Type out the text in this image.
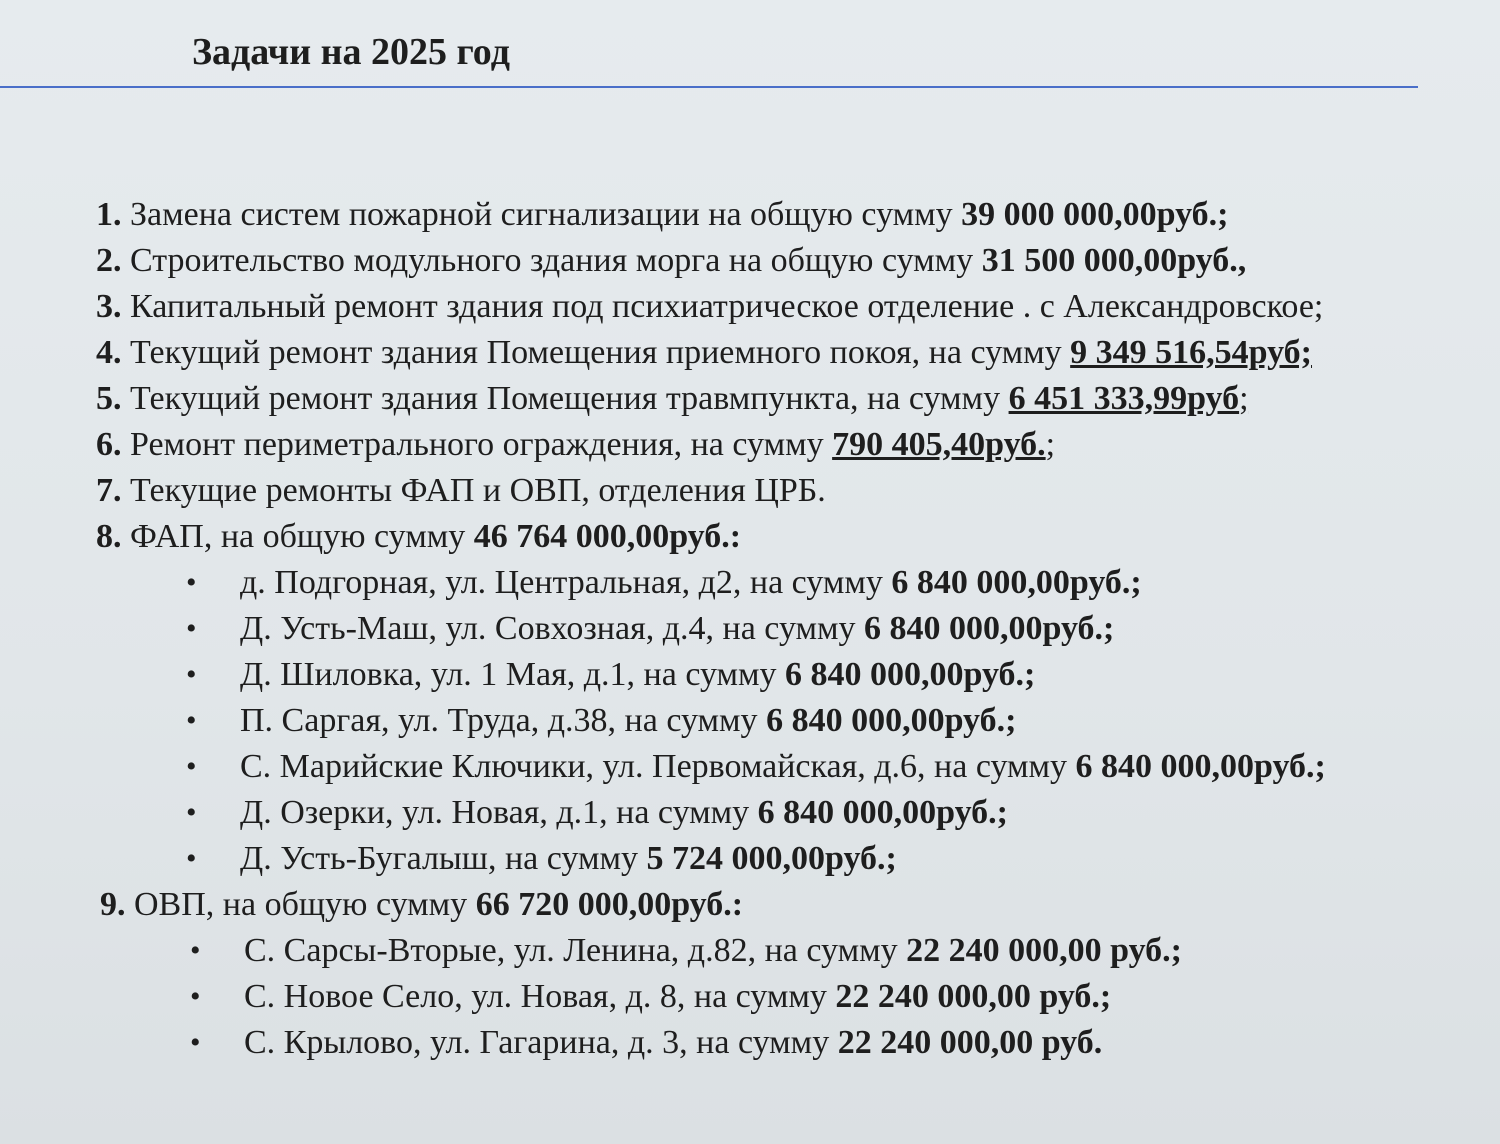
Задачи на 2025 год

1. Замена систем пожарной сигнализации на общую сумму 39 000 000,00руб.;

2. Строительство модульного здания морга на общую сумму 31 500 000,00руб.,

3. Капитальный ремонт здания под психиатрическое отделение . с Александровское;

4. Текущий ремонт здания Помещения приемного покоя, на сумму 9 349 516,54руб;

5. Текущий ремонт здания Помещения травмпункта, на сумму 6 451 333,99руб;

6. Ремонт периметрального ограждения, на сумму 790 405,40руб.;

7. Текущие ремонты ФАП и ОВП, отделения ЦРБ.

8. ФАП, на общую сумму 46 764 000,00руб.:

• д. Подгорная, ул. Центральная, д2, на сумму 6 840 000,00руб.;

• Д. Усть-Маш, ул. Совхозная, д.4, на сумму 6 840 000,00руб.;

• Д. Шиловка, ул. 1 Мая, д.1, на сумму 6 840 000,00руб.;

• П. Саргая, ул. Труда, д.38, на сумму 6 840 000,00руб.;

• С. Марийские Ключики, ул. Первомайская, д.6, на сумму 6 840 000,00руб.;

• Д. Озерки, ул. Новая, д.1, на сумму 6 840 000,00руб.;

• Д. Усть-Бугалыш, на сумму 5 724 000,00руб.;

9. ОВП, на общую сумму 66 720 000,00руб.:

• С. Сарсы-Вторые, ул. Ленина, д.82, на сумму 22 240 000,00 руб.;

• С. Новое Село, ул. Новая, д. 8, на сумму 22 240 000,00 руб.;

• С. Крылово, ул. Гагарина, д. 3, на сумму 22 240 000,00 руб.
